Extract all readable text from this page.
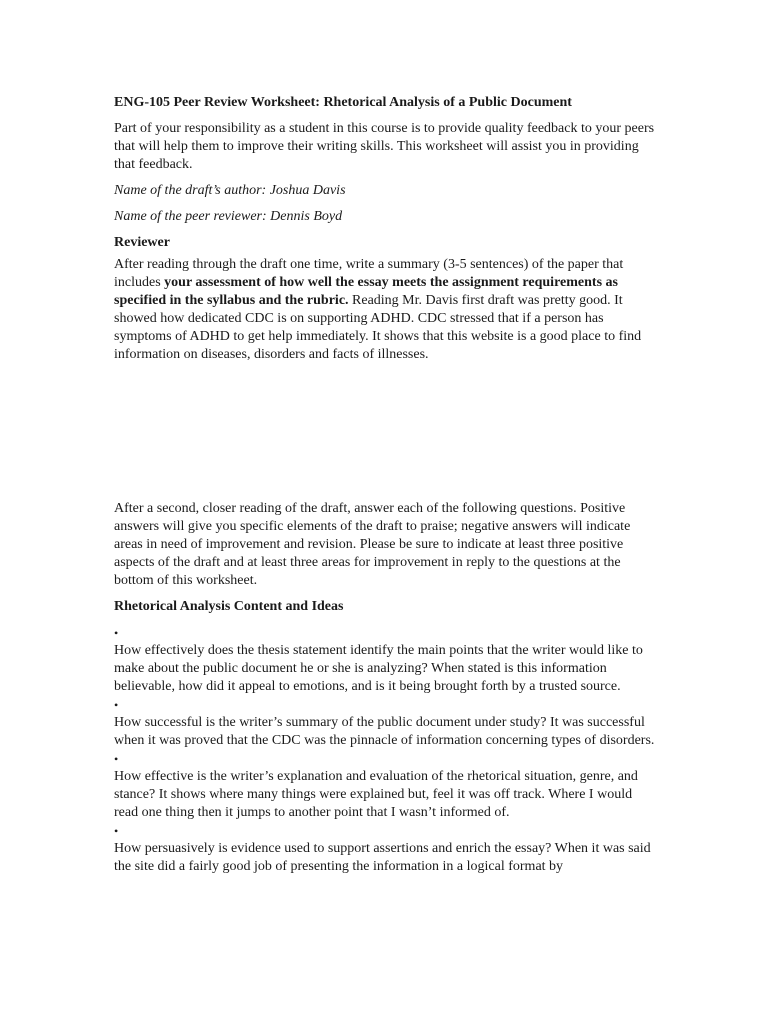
ENG-105 Peer Review Worksheet: Rhetorical Analysis of a Public Document

Part of your responsibility as a student in this course is to provide quality feedback to your peers that will help them to improve their writing skills. This worksheet will assist you in providing that feedback.

Name of the draft’s author: Joshua Davis

Name of the peer reviewer: Dennis Boyd

Reviewer

After reading through the draft one time, write a summary (3-5 sentences) of the paper that includes your assessment of how well the essay meets the assignment requirements as specified in the syllabus and the rubric. Reading Mr. Davis first draft was pretty good. It showed how dedicated CDC is on supporting ADHD. CDC stressed that if a person has symptoms of ADHD to get help immediately. It shows that this website is a good place to find information on diseases, disorders and facts of illnesses.

After a second, closer reading of the draft, answer each of the following questions. Positive answers will give you specific elements of the draft to praise; negative answers will indicate areas in need of improvement and revision. Please be sure to indicate at least three positive aspects of the draft and at least three areas for improvement in reply to the questions at the bottom of this worksheet.

Rhetorical Analysis Content and Ideas

•
How effectively does the thesis statement identify the main points that the writer would like to make about the public document he or she is analyzing? When stated is this information believable, how did it appeal to emotions, and is it being brought forth by a trusted source.
•
How successful is the writer’s summary of the public document under study? It was successful when it was proved that the CDC was the pinnacle of information concerning types of disorders.
•
How effective is the writer’s explanation and evaluation of the rhetorical situation, genre, and stance? It shows where many things were explained but, feel it was off track. Where I would read one thing then it jumps to another point that I wasn’t informed of.
•
How persuasively is evidence used to support assertions and enrich the essay? When it was said the site did a fairly good job of presenting the information in a logical format by
